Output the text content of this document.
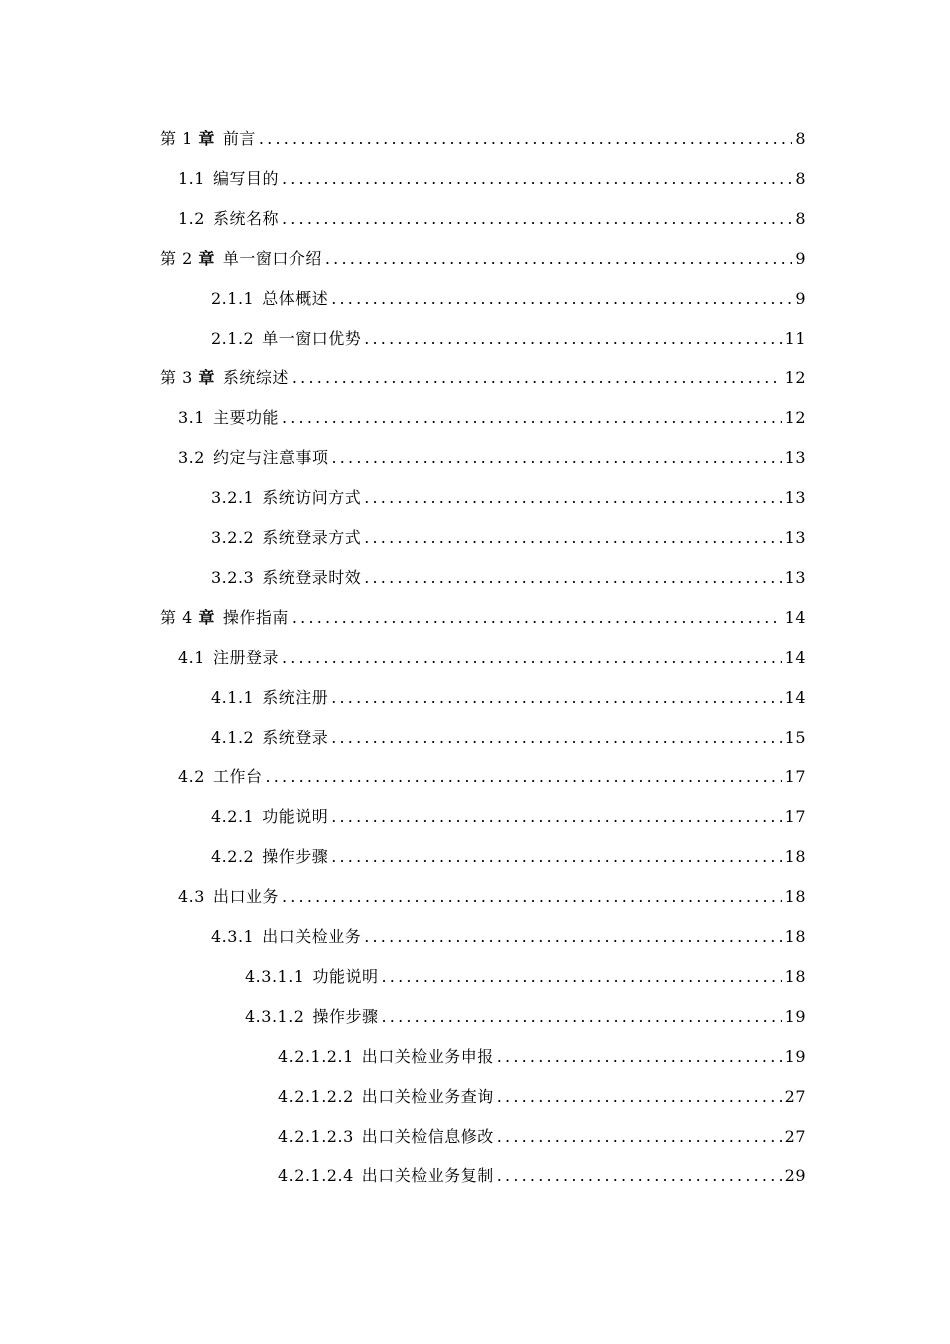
第 1 章 前言 .....	8
1.1 编写目的 .....	8
1.2 系统名称 .....	8
第 2 章 单一窗口介绍 .....	9
2.1.1 总体概述 .....	9
2.1.2 单一窗口优势 .....	11
第 3 章 系统综述 .....	12
3.1 主要功能 .....	12
3.2 约定与注意事项 .....	13
3.2.1 系统访问方式 .....	13
3.2.2 系统登录方式 .....	13
3.2.3 系统登录时效 .....	13
第 4 章 操作指南 .....	14
4.1 注册登录 .....	14
4.1.1 系统注册 .....	14
4.1.2 系统登录 .....	15
4.2 工作台 .....	17
4.2.1 功能说明 .....	17
4.2.2 操作步骤 .....	18
4.3 出口业务 .....	18
4.3.1 出口关检业务 .....	18
4.3.1.1 功能说明 .....	18
4.3.1.2 操作步骤 .....	19
4.2.1.2.1 出口关检业务申报 .....	19
4.2.1.2.2 出口关检业务查询 .....	27
4.2.1.2.3 出口关检信息修改 .....	27
4.2.1.2.4 出口关检业务复制 .....	29
